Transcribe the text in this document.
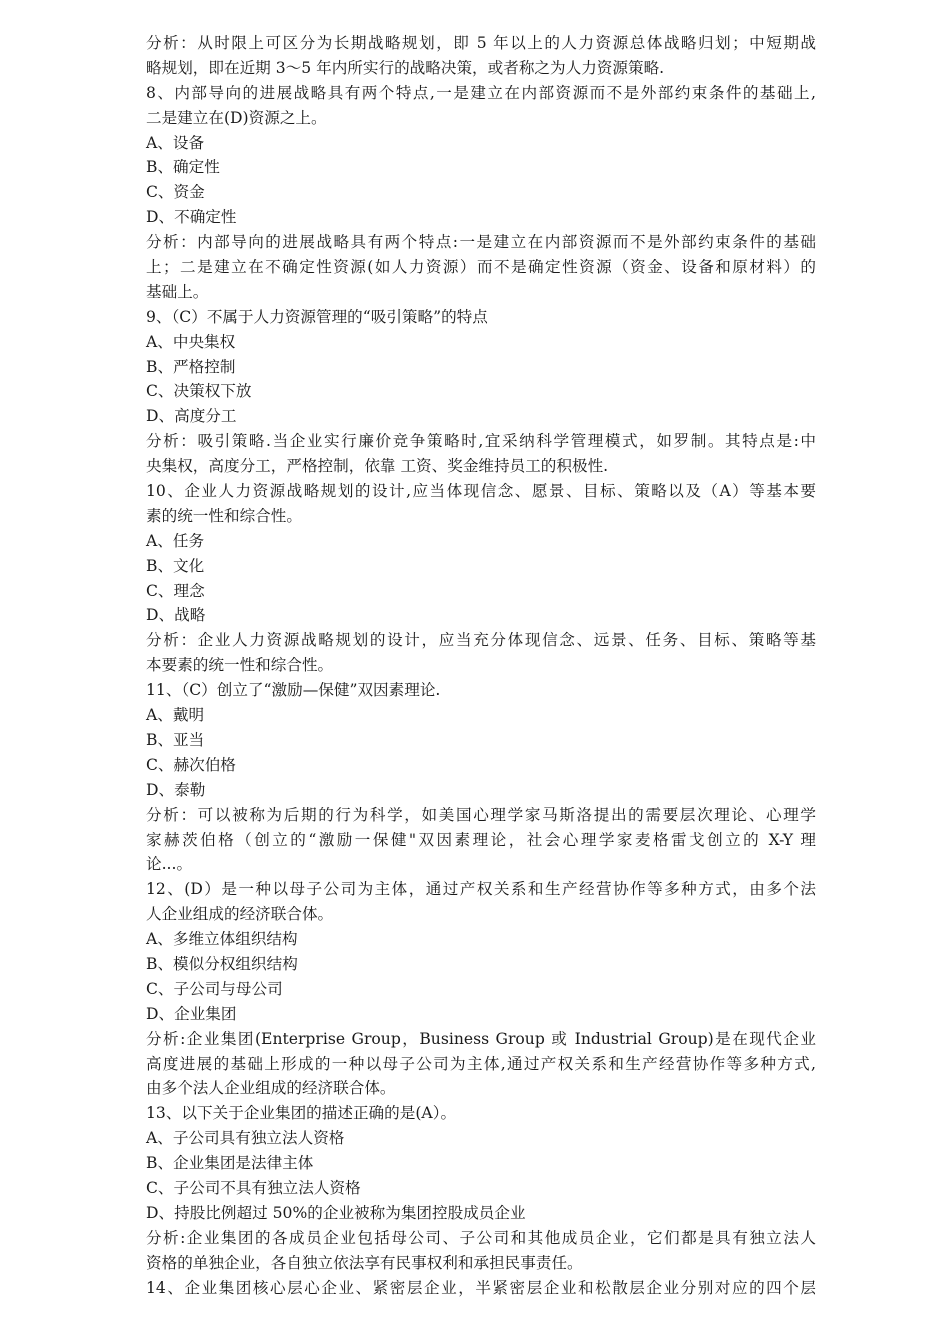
分析：从时限上可区分为长期战略规划，即 5 年以上的人力资源总体战略归划；中短期战
略规划，即在近期 3～5 年内所实行的战略决策，或者称之为人力资源策略.
8、内部导向的进展战略具有两个特点,一是建立在内部资源而不是外部约束条件的基础上,
二是建立在(D)资源之上。
A、设备
B、确定性
C、资金
D、不确定性
分析：内部导向的进展战略具有两个特点:一是建立在内部资源而不是外部约束条件的基础
上；二是建立在不确定性资源(如人力资源）而不是确定性资源（资金、设备和原材料）的
基础上。
9、（C）不属于人力资源管理的“吸引策略”的特点
A、中央集权
B、严格控制
C、决策权下放
D、高度分工
分析：吸引策略.当企业实行廉价竞争策略时,宜采纳科学管理模式，如罗制。其特点是:中
央集权，高度分工，严格控制，依靠 工资、奖金维持员工的积极性.
10、企业人力资源战略规划的设计,应当体现信念、愿景、目标、策略以及（A）等基本要
素的统一性和综合性。
A、任务
B、文化
C、理念
D、战略
分析：企业人力资源战略规划的设计，应当充分体现信念、远景、任务、目标、策略等基
本要素的统一性和综合性。
11、（C）创立了“激励—保健”双因素理论.
A、戴明
B、亚当
C、赫次伯格
D、泰勒
分析：可以被称为后期的行为科学，如美国心理学家马斯洛提出的需要层次理论、心理学
家赫茨伯格（创立的“激励一保健"双因素理论，社会心理学家麦格雷戈创立的 X-Y 理
论...。
12、(D）是一种以母子公司为主体，通过产权关系和生产经营协作等多种方式，由多个法
人企业组成的经济联合体。
A、多维立体组织结构
B、模似分权组织结构
C、子公司与母公司
D、企业集团
分析:企业集团(Enterprise Group，Business Group 或 Industrial Group)是在现代企业
高度进展的基础上形成的一种以母子公司为主体,通过产权关系和生产经营协作等多种方式,
由多个法人企业组成的经济联合体。
13、以下关于企业集团的描述正确的是(A）。
A、子公司具有独立法人资格
B、企业集团是法律主体
C、子公司不具有独立法人资格
D、持股比例超过 50%的企业被称为集团控股成员企业
分析:企业集团的各成员企业包括母公司、子公司和其他成员企业，它们都是具有独立法人
资格的单独企业，各自独立依法享有民事权利和承担民事责任。
14、企业集团核心层心企业、紧密层企业，半紧密层企业和松散层企业分别对应的四个层
